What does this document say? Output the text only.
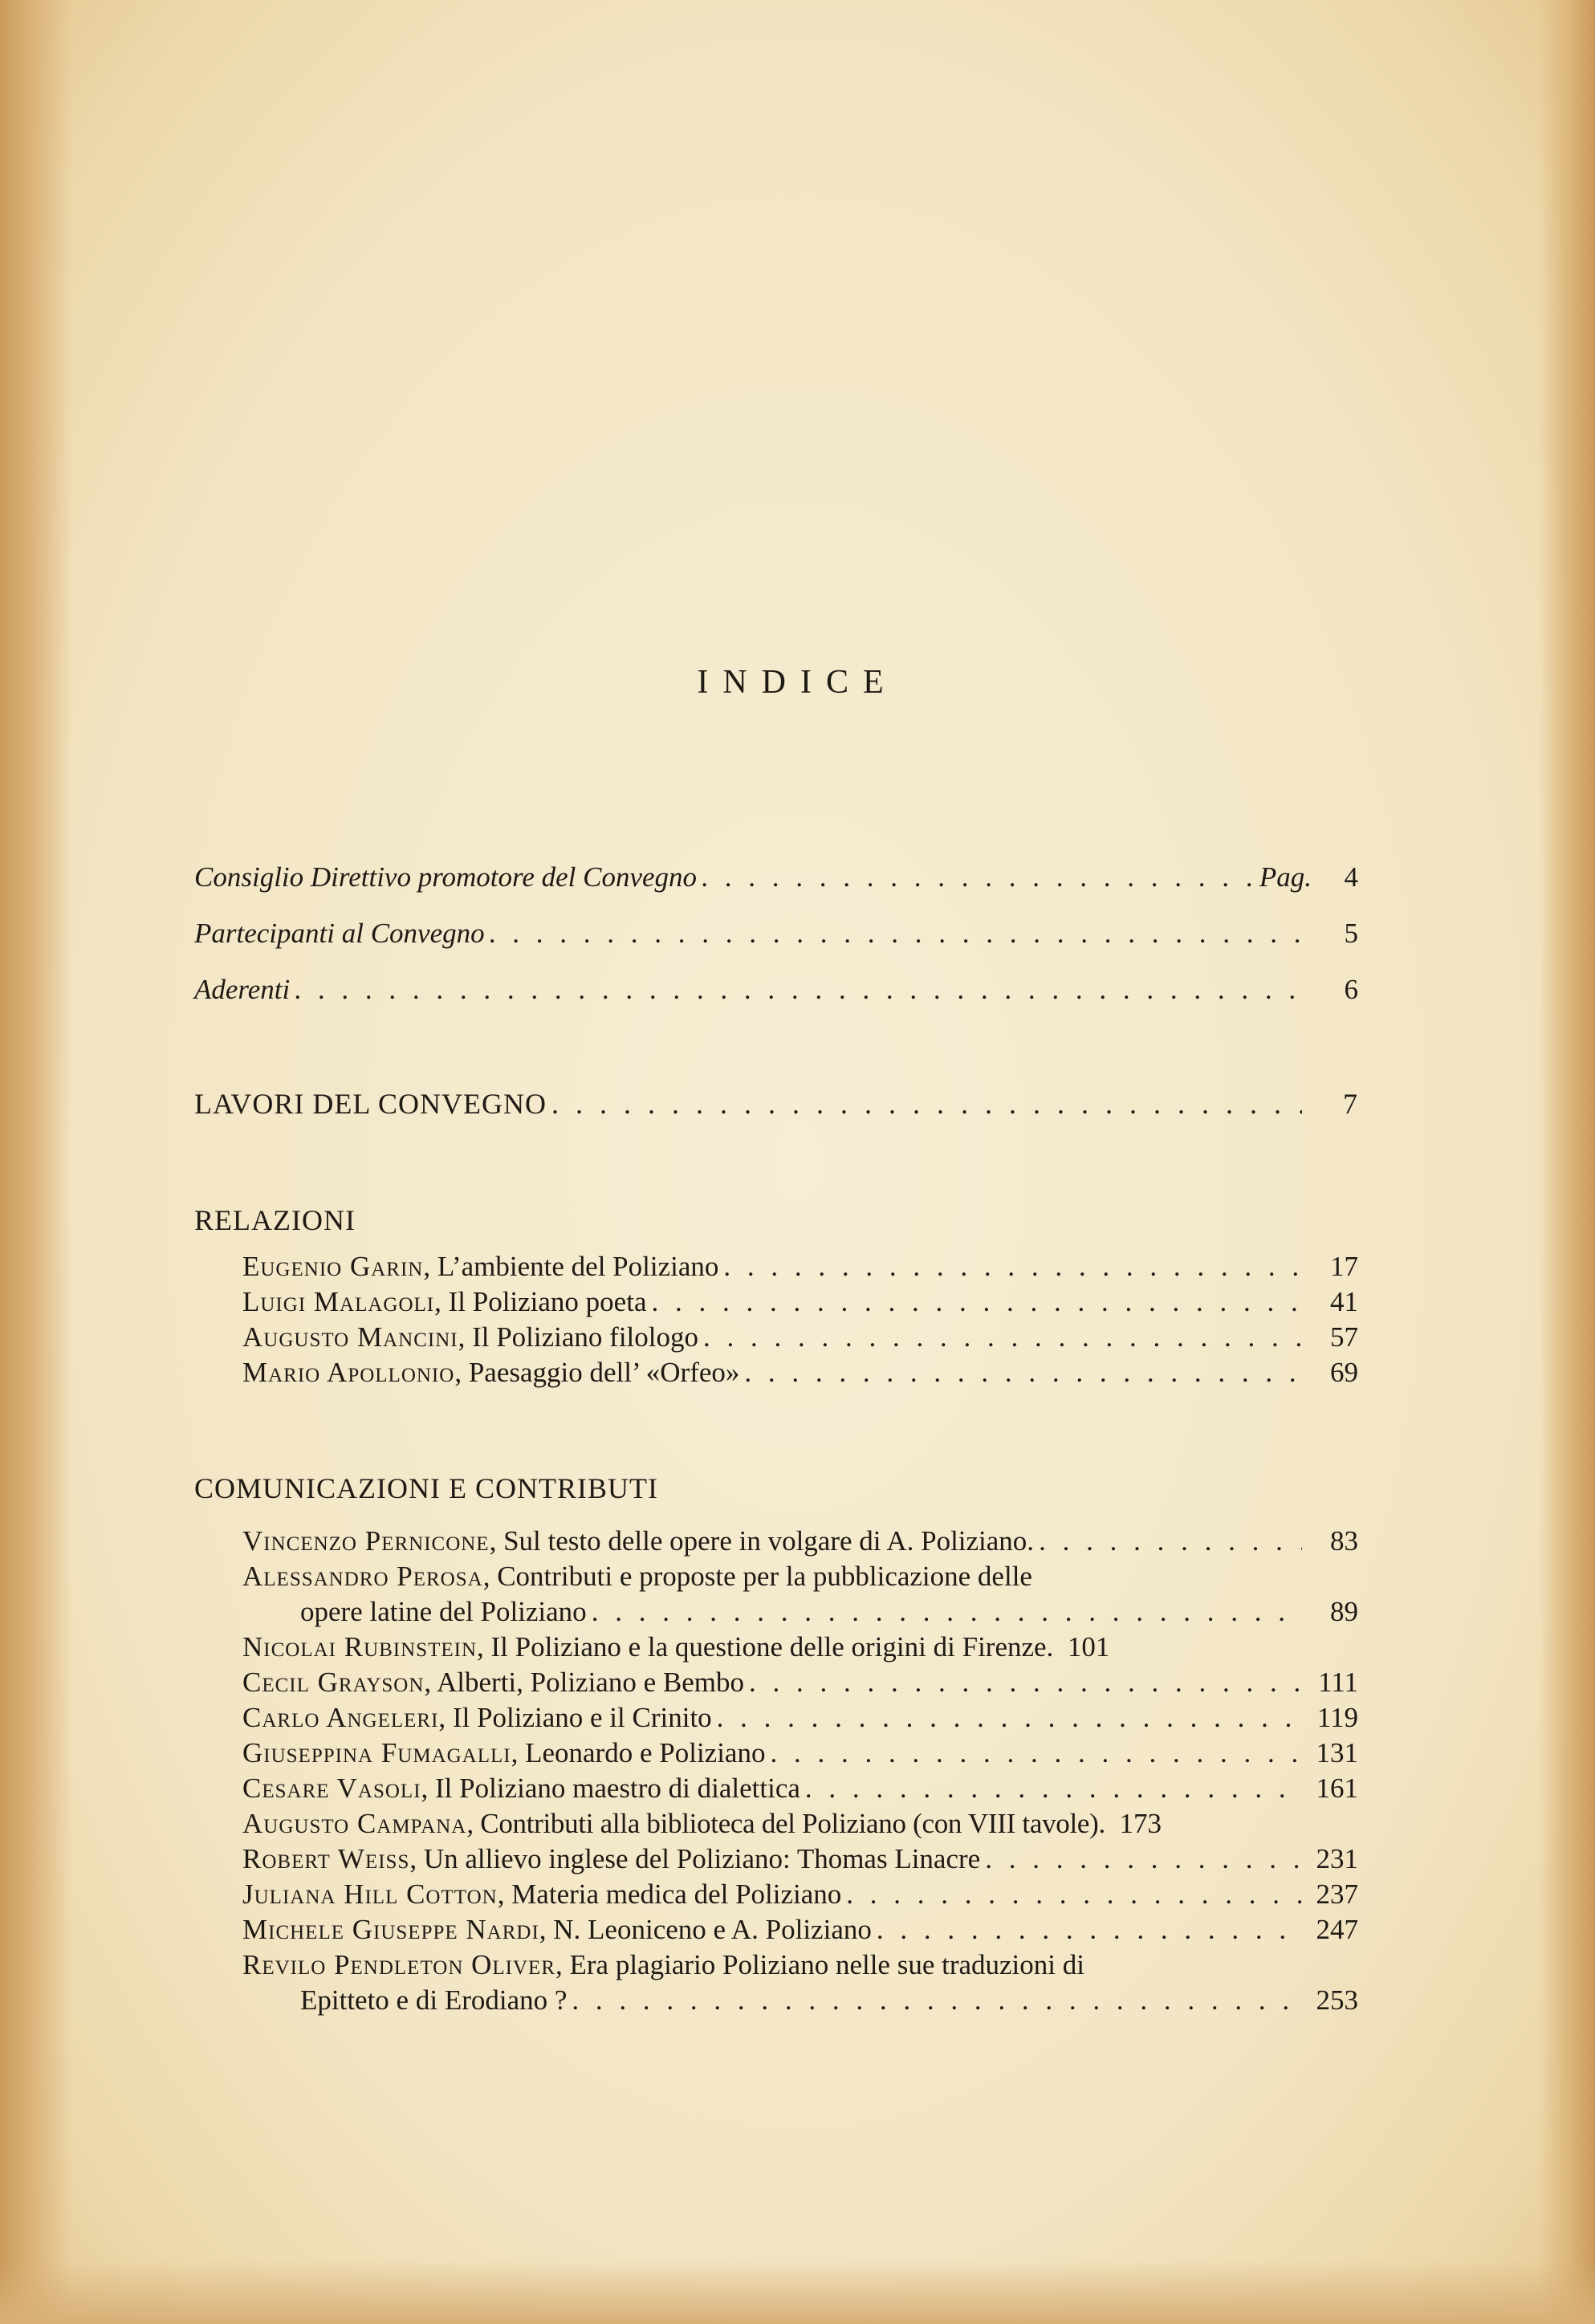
INDICE
Consiglio Direttivo promotore del Convegno . . .	Pag.	4
Partecipanti al Convegno . . .	5
Aderenti . . .	6
LAVORI DEL CONVEGNO . . .	7
RELAZIONI
Eugenio Garin, L’ambiente del Poliziano . . .	17
Luigi Malagoli, Il Poliziano poeta . . .	41
Augusto Mancini, Il Poliziano filologo . . .	57
Mario Apollonio, Paesaggio dell’ «Orfeo» . . .	69
COMUNICAZIONI E CONTRIBUTI
Vincenzo Pernicone, Sul testo delle opere in volgare di A. Poliziano. . . .	83
Alessandro Perosa, Contributi e proposte per la pubblicazione delle
opere latine del Poliziano . . .	89
Nicolai Rubinstein, Il Poliziano e la questione delle origini di Firenze. 101
Cecil Grayson, Alberti, Poliziano e Bembo . . .	111
Carlo Angeleri, Il Poliziano e il Crinito . . .	119
Giuseppina Fumagalli, Leonardo e Poliziano . . .	131
Cesare Vasoli, Il Poliziano maestro di dialettica . . .	161
Augusto Campana, Contributi alla biblioteca del Poliziano (con VIII tavole). 173
Robert Weiss, Un allievo inglese del Poliziano: Thomas Linacre . . .	231
Juliana Hill Cotton, Materia medica del Poliziano . . .	237
Michele Giuseppe Nardi, N. Leoniceno e A. Poliziano . . .	247
Revilo Pendleton Oliver, Era plagiario Poliziano nelle sue traduzioni di
Epitteto e di Erodiano ? . . .	253
